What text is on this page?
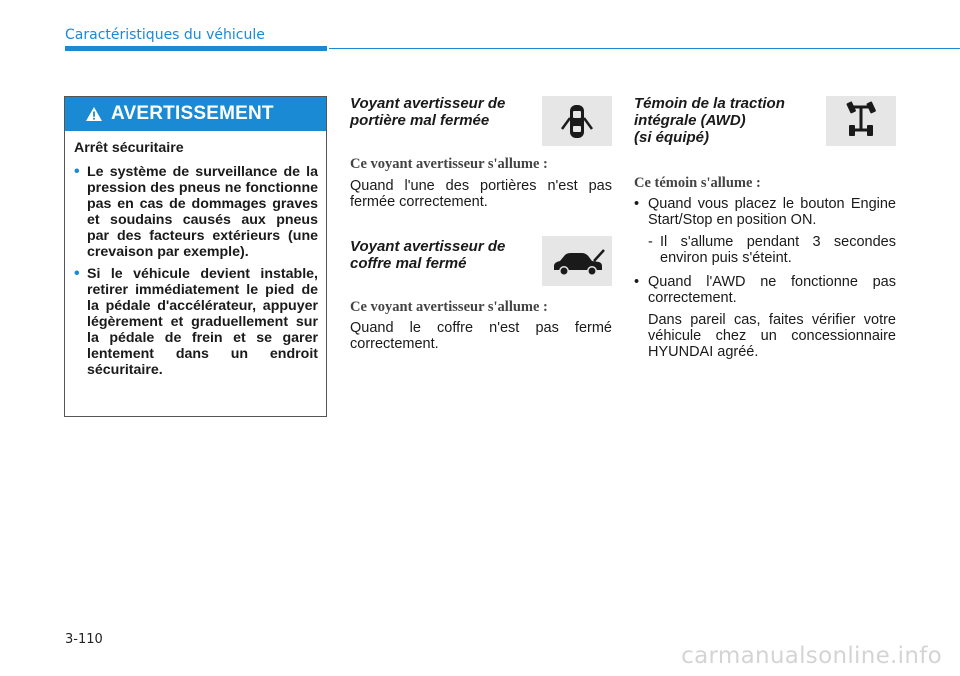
Caractéristiques du véhicule
AVERTISSEMENT
Arrêt sécuritaire
• Le système de surveillance de la pression des pneus ne fonctionne pas en cas de dommages graves et soudains causés aux pneus par des facteurs extérieurs (une crevaison par exemple).
• Si le véhicule devient instable, retirer immédiatement le pied de la pédale d'accélérateur, appuyer légèrement et graduellement sur la pédale de frein et se garer lentement dans un endroit sécuritaire.
Voyant avertisseur de
portière mal fermée
Ce voyant avertisseur s'allume :
Quand l'une des portières n'est pas fermée correctement.
Voyant avertisseur de
coffre mal fermé
Ce voyant avertisseur s'allume :
Quand le coffre n'est pas fermé correctement.
Témoin de la traction
intégrale (AWD)
(si équipé)
Ce témoin s'allume :
• Quand vous placez le bouton Engine Start/Stop en position ON.
- Il s'allume pendant 3 secondes environ puis s'éteint.
• Quand l'AWD ne fonctionne pas correctement.
Dans pareil cas, faites vérifier votre véhicule chez un concessionnaire HYUNDAI agréé.
3-110
carmanualsonline.info
